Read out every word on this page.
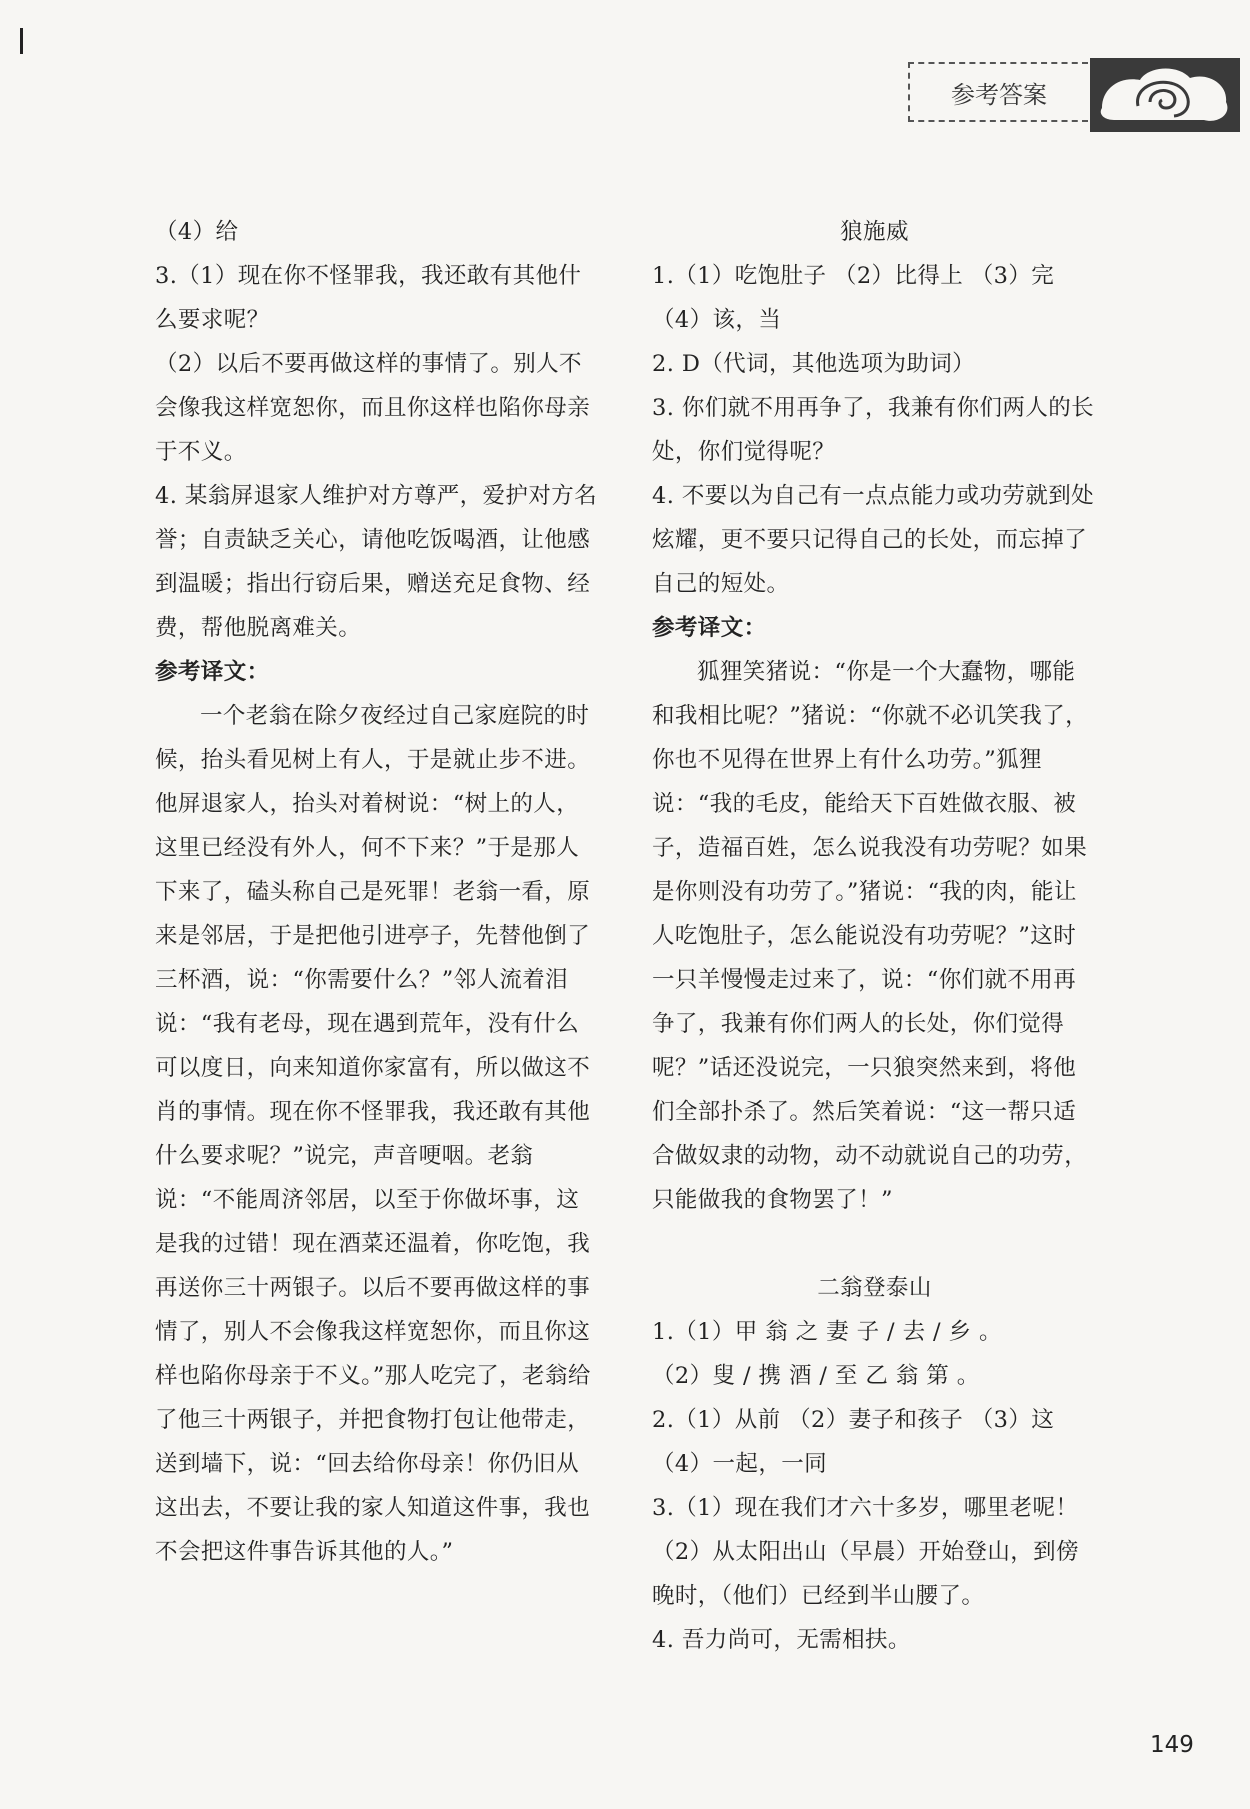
参考答案

（4）给

3.（1）现在你不怪罪我，我还敢有其他什么要求呢？

（2）以后不要再做这样的事情了。别人不会像我这样宽恕你，而且你这样也陷你母亲于不义。

4. 某翁屏退家人维护对方尊严，爱护对方名誉；自责缺乏关心，请他吃饭喝酒，让他感到温暖；指出行窃后果，赠送充足食物、经费，帮他脱离难关。

参考译文：

一个老翁在除夕夜经过自己家庭院的时候，抬头看见树上有人，于是就止步不进。他屏退家人，抬头对着树说：“树上的人，这里已经没有外人，何不下来？”于是那人下来了，磕头称自己是死罪！老翁一看，原来是邻居，于是把他引进亭子，先替他倒了三杯酒，说：“你需要什么？”邻人流着泪说：“我有老母，现在遇到荒年，没有什么可以度日，向来知道你家富有，所以做这不肖的事情。现在你不怪罪我，我还敢有其他什么要求呢？”说完，声音哽咽。老翁说：“不能周济邻居，以至于你做坏事，这是我的过错！现在酒菜还温着，你吃饱，我再送你三十两银子。以后不要再做这样的事情了，别人不会像我这样宽恕你，而且你这样也陷你母亲于不义。”那人吃完了，老翁给了他三十两银子，并把食物打包让他带走，送到墙下，说：“回去给你母亲！你仍旧从这出去，不要让我的家人知道这件事，我也不会把这件事告诉其他的人。”

狼施威

1.（1）吃饱肚子 （2）比得上 （3）完

（4）该，当

2. D（代词，其他选项为助词）

3. 你们就不用再争了，我兼有你们两人的长处，你们觉得呢？

4. 不要以为自己有一点点能力或功劳就到处炫耀，更不要只记得自己的长处，而忘掉了自己的短处。

参考译文：

狐狸笑猪说：“你是一个大蠢物，哪能和我相比呢？”猪说：“你就不必讥笑我了，你也不见得在世界上有什么功劳。”狐狸说：“我的毛皮，能给天下百姓做衣服、被子，造福百姓，怎么说我没有功劳呢？如果是你则没有功劳了。”猪说：“我的肉，能让人吃饱肚子，怎么能说没有功劳呢？”这时一只羊慢慢走过来了，说：“你们就不用再争了，我兼有你们两人的长处，你们觉得呢？”话还没说完，一只狼突然来到，将他们全部扑杀了。然后笑着说：“这一帮只适合做奴隶的动物，动不动就说自己的功劳，只能做我的食物罢了！”

二翁登泰山

1.（1）甲 翁 之 妻 子 / 去 / 乡 。

（2）叟 / 携 酒 / 至 乙 翁 第 。

2.（1）从前 （2）妻子和孩子 （3）这

（4）一起，一同

3.（1）现在我们才六十多岁，哪里老呢！

（2）从太阳出山（早晨）开始登山，到傍晚时，（他们）已经到半山腰了。

4. 吾力尚可，无需相扶。

149
